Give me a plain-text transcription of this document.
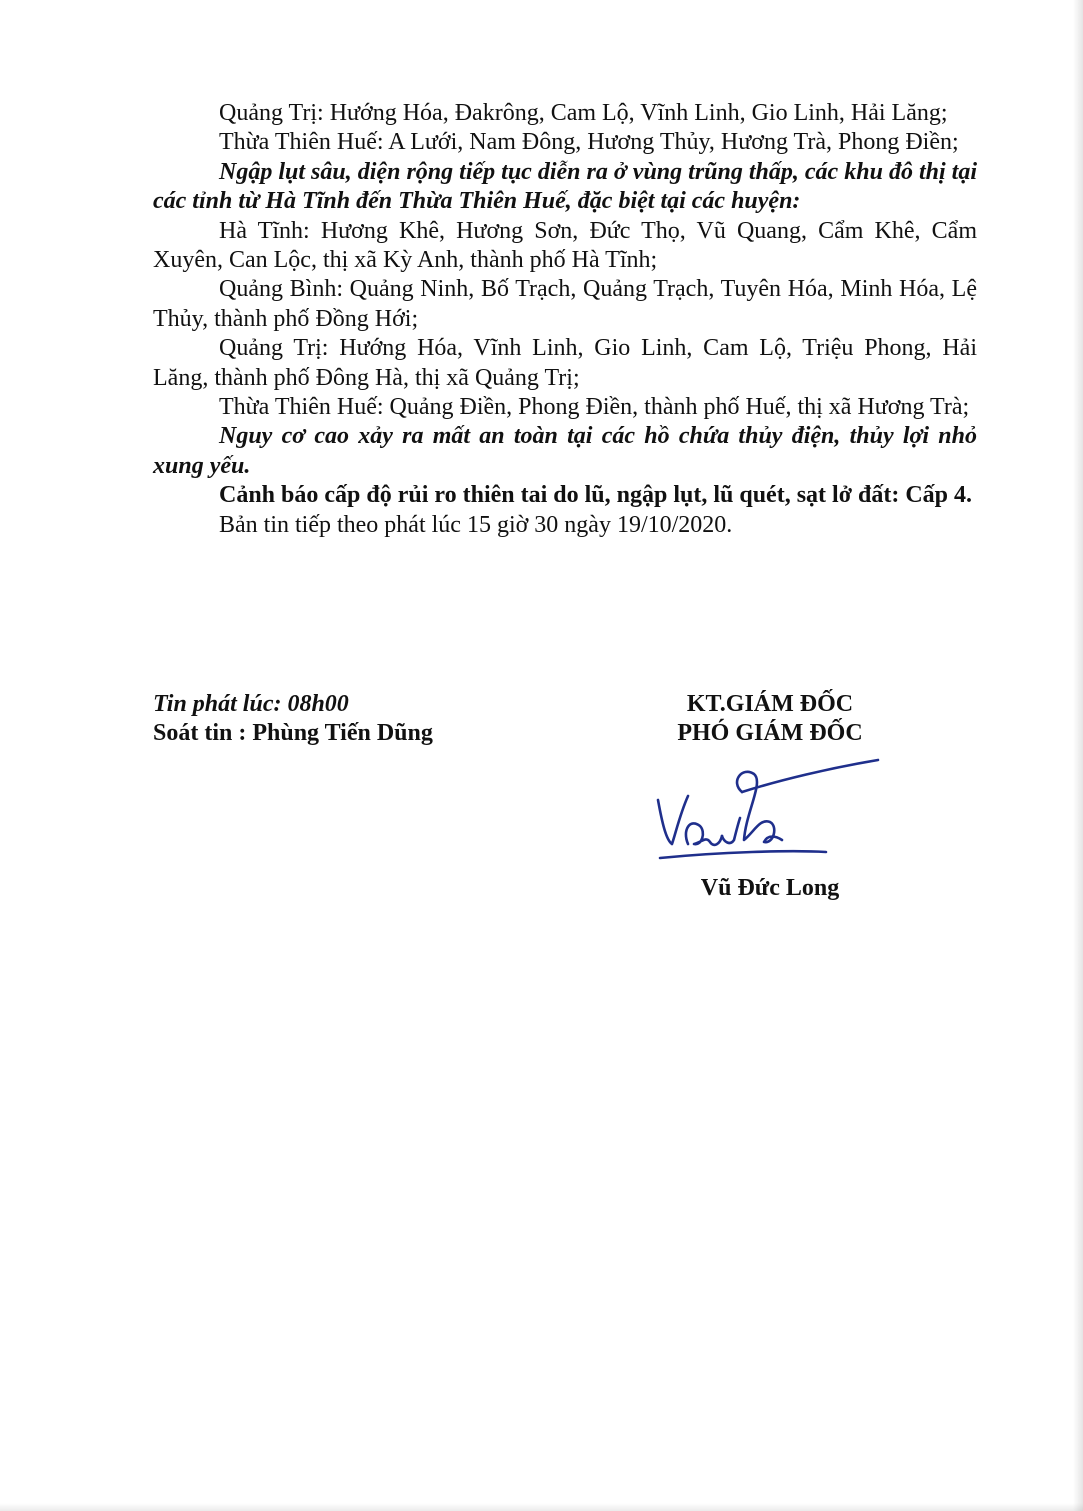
Quảng Trị: Hướng Hóa, Đakrông, Cam Lộ, Vĩnh Linh, Gio Linh, Hải Lăng;

Thừa Thiên Huế: A Lưới, Nam Đông, Hương Thủy, Hương Trà, Phong Điền;

Ngập lụt sâu, diện rộng tiếp tục diễn ra ở vùng trũng thấp, các khu đô thị tại các tỉnh từ Hà Tĩnh đến Thừa Thiên Huế, đặc biệt tại các huyện:

Hà Tĩnh: Hương Khê, Hương Sơn, Đức Thọ, Vũ Quang, Cẩm Khê, Cẩm Xuyên, Can Lộc, thị xã Kỳ Anh, thành phố Hà Tĩnh;

Quảng Bình: Quảng Ninh, Bố Trạch, Quảng Trạch, Tuyên Hóa, Minh Hóa, Lệ Thủy, thành phố Đồng Hới;

Quảng Trị: Hướng Hóa, Vĩnh Linh, Gio Linh, Cam Lộ, Triệu Phong, Hải Lăng, thành phố Đông Hà, thị xã Quảng Trị;

Thừa Thiên Huế: Quảng Điền, Phong Điền, thành phố Huế, thị xã Hương Trà;

Nguy cơ cao xảy ra mất an toàn tại các hồ chứa thủy điện, thủy lợi nhỏ xung yếu.

Cảnh báo cấp độ rủi ro thiên tai do lũ, ngập lụt, lũ quét, sạt lở đất: Cấp 4.

Bản tin tiếp theo phát lúc 15 giờ 30 ngày 19/10/2020.

Tin phát lúc: 08h00
Soát tin : Phùng Tiến Dũng
KT.GIÁM ĐỐC
PHÓ GIÁM ĐỐC
Vũ Đức Long
